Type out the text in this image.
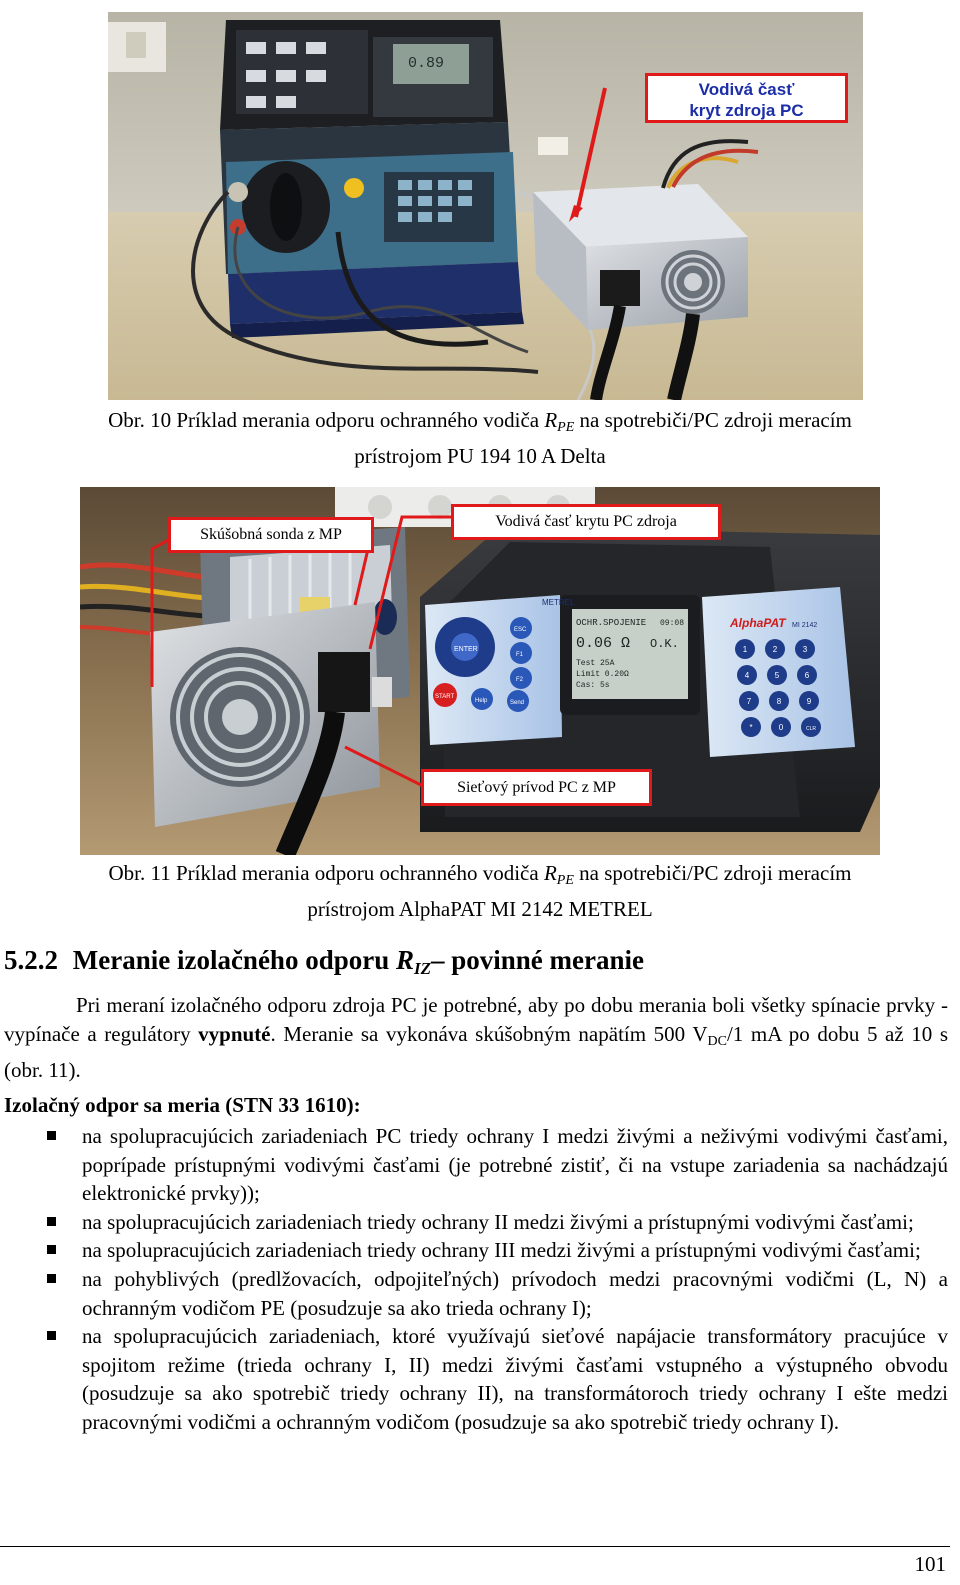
0.89
Vodivá časť
kryt zdroja PC
Obr. 10 Príklad merania odporu ochranného vodiča $R_{PE}$ na spotrebiči/PC zdroji meracím
prístrojom PU 194 10 A Delta
OCHR.SPOJENIE 09:08
0.06 Ω O.K.
Test 25A
Limit 0.20Ω
Cas: 5s
METREL
AlphaPAT MI 2142
ENTER
ESC
F1
F2
START
Help	Send
1	2	3
4	5	6
7	8	9
*	0	CLR
Skúšobná sonda z MP
Vodivá časť krytu PC zdroja
Sieťový prívod PC z MP
Obr. 11 Príklad merania odporu ochranného vodiča $R_{PE}$ na spotrebiči/PC zdroji meracím
prístrojom AlphaPAT MI 2142 METREL
5.2.2 Meranie izolačného odporu RIZ– povinné meranie
Pri meraní izolačného odporu zdroja PC je potrebné, aby po dobu merania boli všetky spínacie prvky - vypínače a regulátory vypnuté. Meranie sa vykonáva skúšobným napätím 500 VDC/1 mA po dobu 5 až 10 s (obr. 11).
Izolačný odpor sa meria (STN 33 1610):
na spolupracujúcich zariadeniach PC triedy ochrany I medzi živými a neživými vodivými časťami, poprípade prístupnými vodivými časťami (je potrebné zistiť, či na vstupe zariadenia sa nachádzajú elektronické prvky));
na spolupracujúcich zariadeniach triedy ochrany II medzi živými a prístupnými vodivými časťami;
na spolupracujúcich zariadeniach triedy ochrany III medzi živými a prístupnými vodivými časťami;
na pohyblivých (predlžovacích, odpojiteľných) prívodoch medzi pracovnými vodičmi (L, N) a ochranným vodičom PE (posudzuje sa ako trieda ochrany I);
na spolupracujúcich zariadeniach, ktoré využívajú sieťové napájacie transformátory pracujúce v spojitom režime (trieda ochrany I, II) medzi živými časťami vstupného a výstupného obvodu (posudzuje sa ako spotrebič triedy ochrany II), na transformátoroch triedy ochrany I ešte medzi pracovnými vodičmi a ochranným vodičom (posudzuje sa ako spotrebič triedy ochrany I).
101
